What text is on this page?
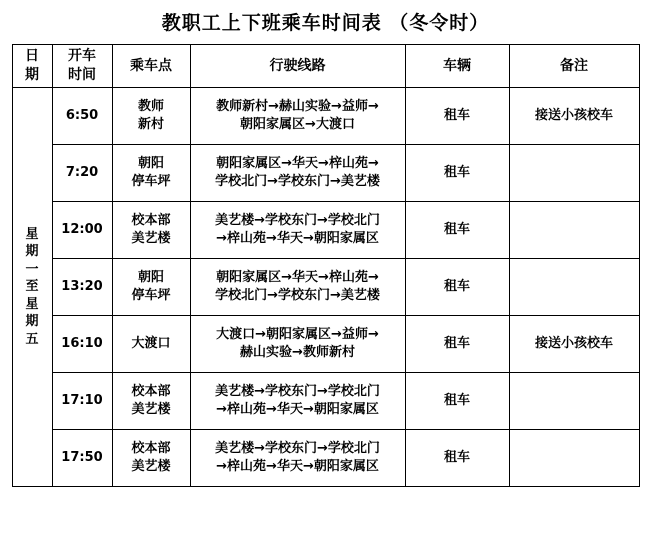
教职工上下班乘车时间表 （冬令时）
日
期	开车
时间	乘车点	行驶线路	车辆	备注

星
期
一
至
星
期
五
	6:50	教师
新村	教师新村→赫山实验→益师→
朝阳家属区→大渡口	租车	接送小孩校车
	7:20	朝阳
停车坪	朝阳家属区→华天→梓山苑→
学校北门→学校东门→美艺楼	租车	
	12:00	校本部
美艺楼	美艺楼→学校东门→学校北门
→梓山苑→华天→朝阳家属区	租车	
	13:20	朝阳
停车坪	朝阳家属区→华天→梓山苑→
学校北门→学校东门→美艺楼	租车	
	16:10	大渡口	大渡口→朝阳家属区→益师→
赫山实验→教师新村	租车	接送小孩校车
	17:10	校本部
美艺楼	美艺楼→学校东门→学校北门
→梓山苑→华天→朝阳家属区	租车	
	17:50	校本部
美艺楼	美艺楼→学校东门→学校北门
→梓山苑→华天→朝阳家属区	租车	
